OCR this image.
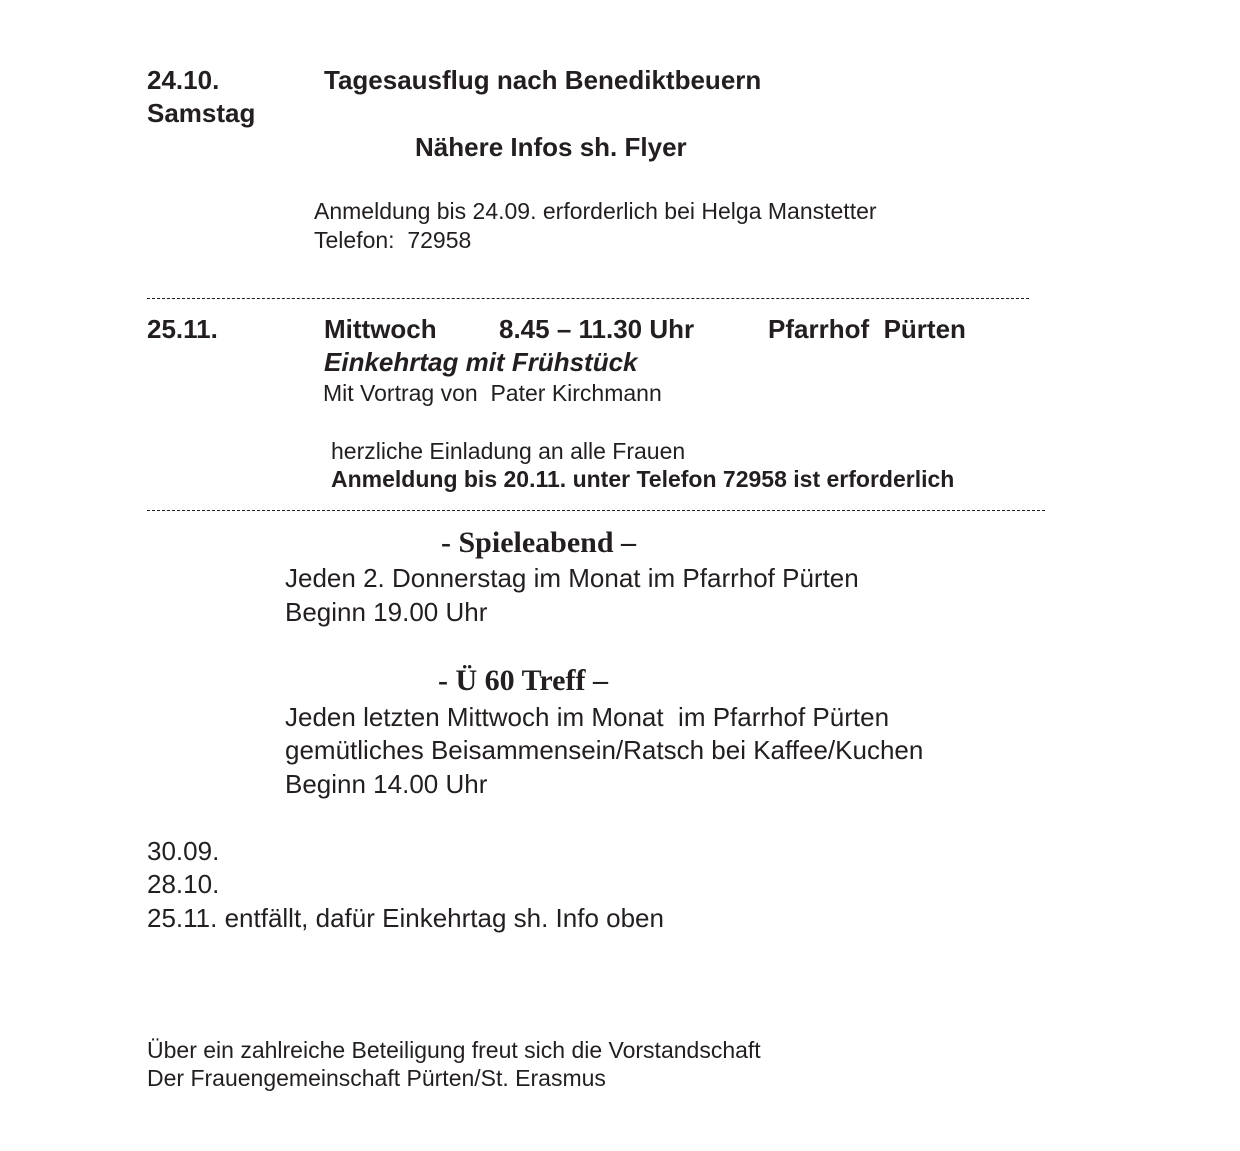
24.10.	Tagesausflug nach Benediktbeuern
Samstag
Nähere Infos sh. Flyer
Anmeldung bis 24.09. erforderlich bei Helga Manstetter
Telefon:  72958
25.11.	Mittwoch 8.45 – 11.30 Uhr	Pfarrhof  Pürten
Einkehrtag mit Frühstück
Mit Vortrag von  Pater Kirchmann
herzliche Einladung an alle Frauen
Anmeldung bis 20.11. unter Telefon 72958 ist erforderlich
- Spieleabend –
Jeden 2. Donnerstag im Monat im Pfarrhof Pürten
Beginn 19.00 Uhr
- Ü 60 Treff –
Jeden letzten Mittwoch im Monat  im Pfarrhof Pürten
gemütliches Beisammensein/Ratsch bei Kaffee/Kuchen
Beginn 14.00 Uhr
30.09.
28.10.
25.11. entfällt, dafür Einkehrtag sh. Info oben
Über ein zahlreiche Beteiligung freut sich die Vorstandschaft
Der Frauengemeinschaft Pürten/St. Erasmus
